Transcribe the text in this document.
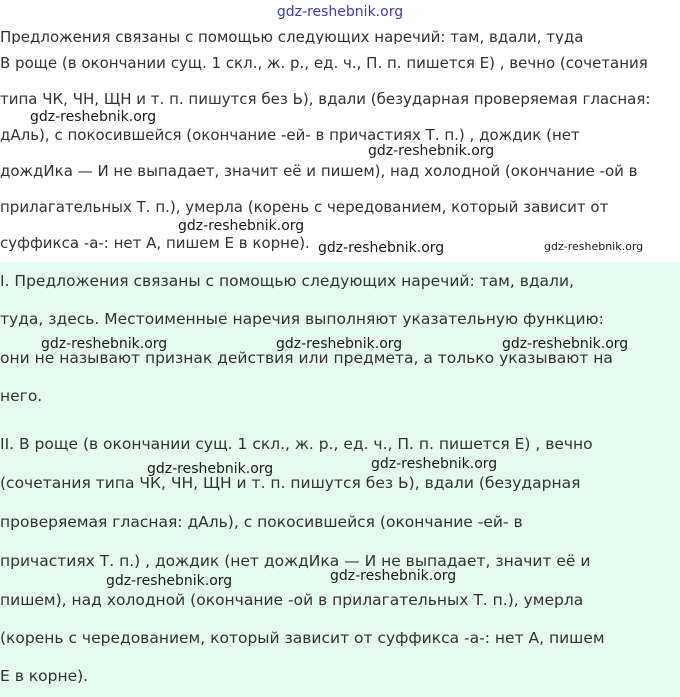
gdz-reshebnik.org
Предложения связаны с помощью следующих наречий: там, вдали, туда
В роще (в окончании сущ. 1 скл., ж. р., ед. ч., П. п. пишется Е) , вечно (сочетания
типа ЧК, ЧН, ЩН и т. п. пишутся без Ь), вдали (безударная проверяемая гласная:
дАль), с покосившейся (окончание -ей- в причастиях Т. п.) , дождик (нет
дождИка — И не выпадает, значит её и пишем), над холодной (окончание -ой в
прилагательных Т. п.), умерла (корень с чередованием, который зависит от
суффикса -а-: нет А, пишем Е в корне).
I. Предложения связаны с помощью следующих наречий: там, вдали,
туда, здесь. Местоименные наречия выполняют указательную функцию:
они не называют признак действия или предмета, а только указывают на
него.
II. В роще (в окончании сущ. 1 скл., ж. р., ед. ч., П. п. пишется Е) , вечно
(сочетания типа ЧК, ЧН, ЩН и т. п. пишутся без Ь), вдали (безударная
проверяемая гласная: дАль), с покосившейся (окончание -ей- в
причастиях Т. п.) , дождик (нет дождИка — И не выпадает, значит её и
пишем), над холодной (окончание -ой в прилагательных Т. п.), умерла
(корень с чередованием, который зависит от суффикса -а-: нет А, пишем
Е в корне).
gdz-reshebnik.org
gdz-reshebnik.org
gdz-reshebnik.org
gdz-reshebnik.org	gdz-reshebnik.org
gdz-reshebnik.org	gdz-reshebnik.org	gdz-reshebnik.org
gdz-reshebnik.org	gdz-reshebnik.org
gdz-reshebnik.org	gdz-reshebnik.org
